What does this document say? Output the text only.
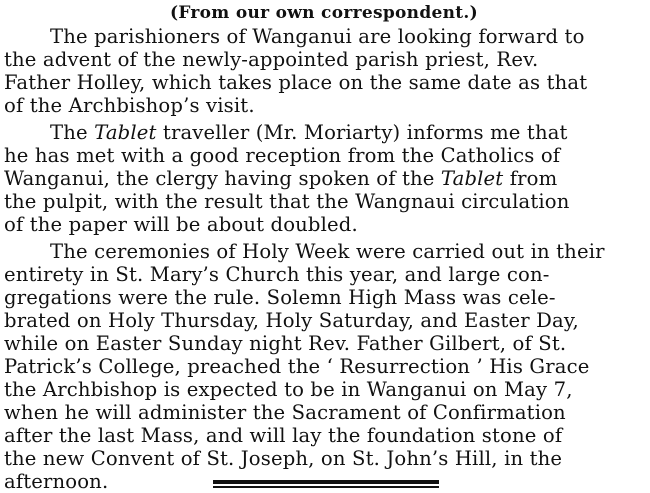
(From our own correspondent.)
The parishioners of Wanganui are looking forward to
the advent of the newly-appointed parish priest, Rev.
Father Holley, which takes place on the same date as that
of the Archbishop’s visit.
The Tablet traveller (Mr. Moriarty) informs me that
he has met with a good reception from the Catholics of
Wanganui, the clergy having spoken of the Tablet from
the pulpit, with the result that the Wangnaui circulation
of the paper will be about doubled.
The ceremonies of Holy Week were carried out in their
entirety in St. Mary’s Church this year, and large con-
gregations were the rule. Solemn High Mass was cele-
brated on Holy Thursday, Holy Saturday, and Easter Day,
while on Easter Sunday night Rev. Father Gilbert, of St.
Patrick’s College, preached the ‘ Resurrection ’ His Grace
the Archbishop is expected to be in Wanganui on May 7,
when he will administer the Sacrament of Confirmation
after the last Mass, and will lay the foundation stone of
the new Convent of St. Joseph, on St. John’s Hill, in the
afternoon.
